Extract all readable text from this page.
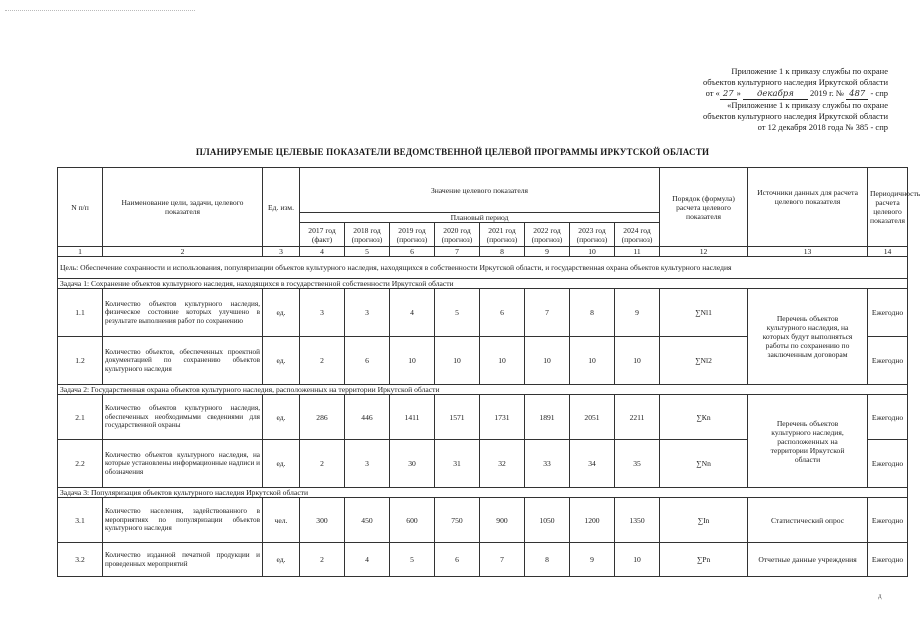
Приложение 1 к приказу службы по охране
объектов культурного наследия Иркутской области
от « 27 » декабря 2019 г. № 487 - спр
«Приложение 1 к приказу службы по охране
объектов культурного наследия Иркутской области
от 12 декабря 2018 года № 385 - спр
ПЛАНИРУЕМЫЕ ЦЕЛЕВЫЕ ПОКАЗАТЕЛИ ВЕДОМСТВЕННОЙ ЦЕЛЕВОЙ ПРОГРАММЫ ИРКУТСКОЙ ОБЛАСТИ
N п/п	Наименование цели, задачи, целевого показателя	Ед. изм.	Значение целевого показателя								Порядок (формула) расчета целевого показателя	Источники данных для расчета целевого показателя	Периодичность расчета целевого показателя
			Плановый период										
			2017 год (факт)	2018 год (прогноз)	2019 год (прогноз)	2020 год (прогноз)	2021 год (прогноз)	2022 год (прогноз)	2023 год (прогноз)	2024 год (прогноз)			
1	2	3	4	5	6	7	8	9	10	11	12	13	14
Цель: Обеспечение сохранности и использования, популяризации объектов культурного наследия, находящихся в собственности Иркутской области, и государственная охрана объектов культурного наследия													
Задача 1: Сохранение объектов культурного наследия, находящихся в государственной собственности Иркутской области													
1.1	Количество объектов культурного наследия, физическое состояние которых улучшено в результате выполнения работ по сохранению	ед.	3	3	4	5	6	7	8	9	∑Nl1	Перечень объектов культурного наследия, на которых будут выполняться работы по сохранению по заключенным договорам	Ежегодно
1.2	Количество объектов, обеспеченных проектной документацией по сохранению объектов культурного наследия	ед.	2	6	10	10	10	10	10	10	∑Nl2		Ежегодно
Задача 2: Государственная охрана объектов культурного наследия, расположенных на территории Иркутской области													
2.1	Количество объектов культурного наследия, обеспеченных необходимыми сведениями для государственной охраны	ед.	286	446	1411	1571	1731	1891	2051	2211	∑Кn	Перечень объектов культурного наследия, расположенных на территории Иркутской области	Ежегодно
2.2	Количество объектов культурного наследия, на которые установлены информационные надписи и обозначения	ед.	2	3	30	31	32	33	34	35	∑Nn		Ежегодно
Задача 3: Популяризация объектов культурного наследия Иркутской области													
3.1	Количество населения, задействованного в мероприятиях по популяризации объектов культурного наследия	чел.	300	450	600	750	900	1050	1200	1350	∑In	Статистический опрос	Ежегодно
3.2	Количество изданной печатной продукции и проведенных мероприятий	ед.	2	4	5	6	7	8	9	10	∑Pn	Отчетные данные учреждения	Ежегодно
д
